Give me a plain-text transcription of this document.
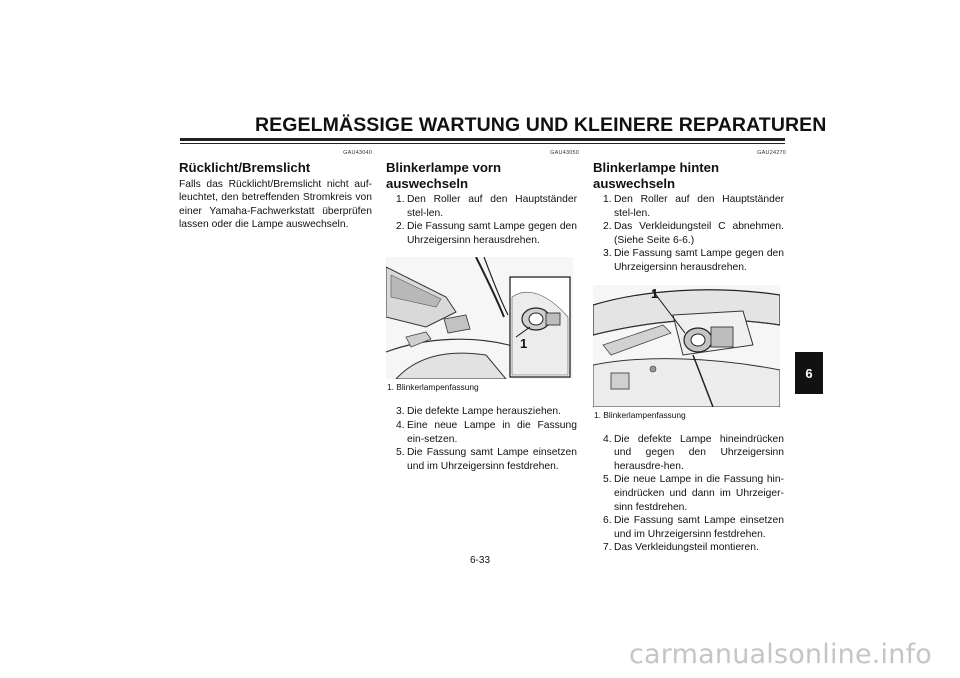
REGELMÄSSIGE WARTUNG UND KLEINERE REPARATUREN
GAU43040
Rücklicht/Bremslicht
Falls das Rücklicht/Bremslicht nicht auf-leuchtet, den betreffenden Stromkreis von einer Yamaha-Fachwerkstatt überprüfen lassen oder die Lampe auswechseln.
GAU43050
Blinkerlampe vorn auswechseln
1. Den Roller auf den Hauptständer stel-len.
2. Die Fassung samt Lampe gegen den Uhrzeigersinn herausdrehen.
1
1. Blinkerlampenfassung
3. Die defekte Lampe herausziehen.
4. Eine neue Lampe in die Fassung ein-setzen.
5. Die Fassung samt Lampe einsetzen und im Uhrzeigersinn festdrehen.
GAU24270
Blinkerlampe hinten auswechseln
1. Den Roller auf den Hauptständer stel-len.
2. Das Verkleidungsteil C abnehmen. (Siehe Seite 6-6.)
3. Die Fassung samt Lampe gegen den Uhrzeigersinn herausdrehen.
1
1. Blinkerlampenfassung
4. Die defekte Lampe hineindrücken und gegen den Uhrzeigersinn herausdre-hen.
5. Die neue Lampe in die Fassung hin-eindrücken und dann im Uhrzeiger-sinn festdrehen.
6. Die Fassung samt Lampe einsetzen und im Uhrzeigersinn festdrehen.
7. Das Verkleidungsteil montieren.
6
6-33
carmanualsonline.info
